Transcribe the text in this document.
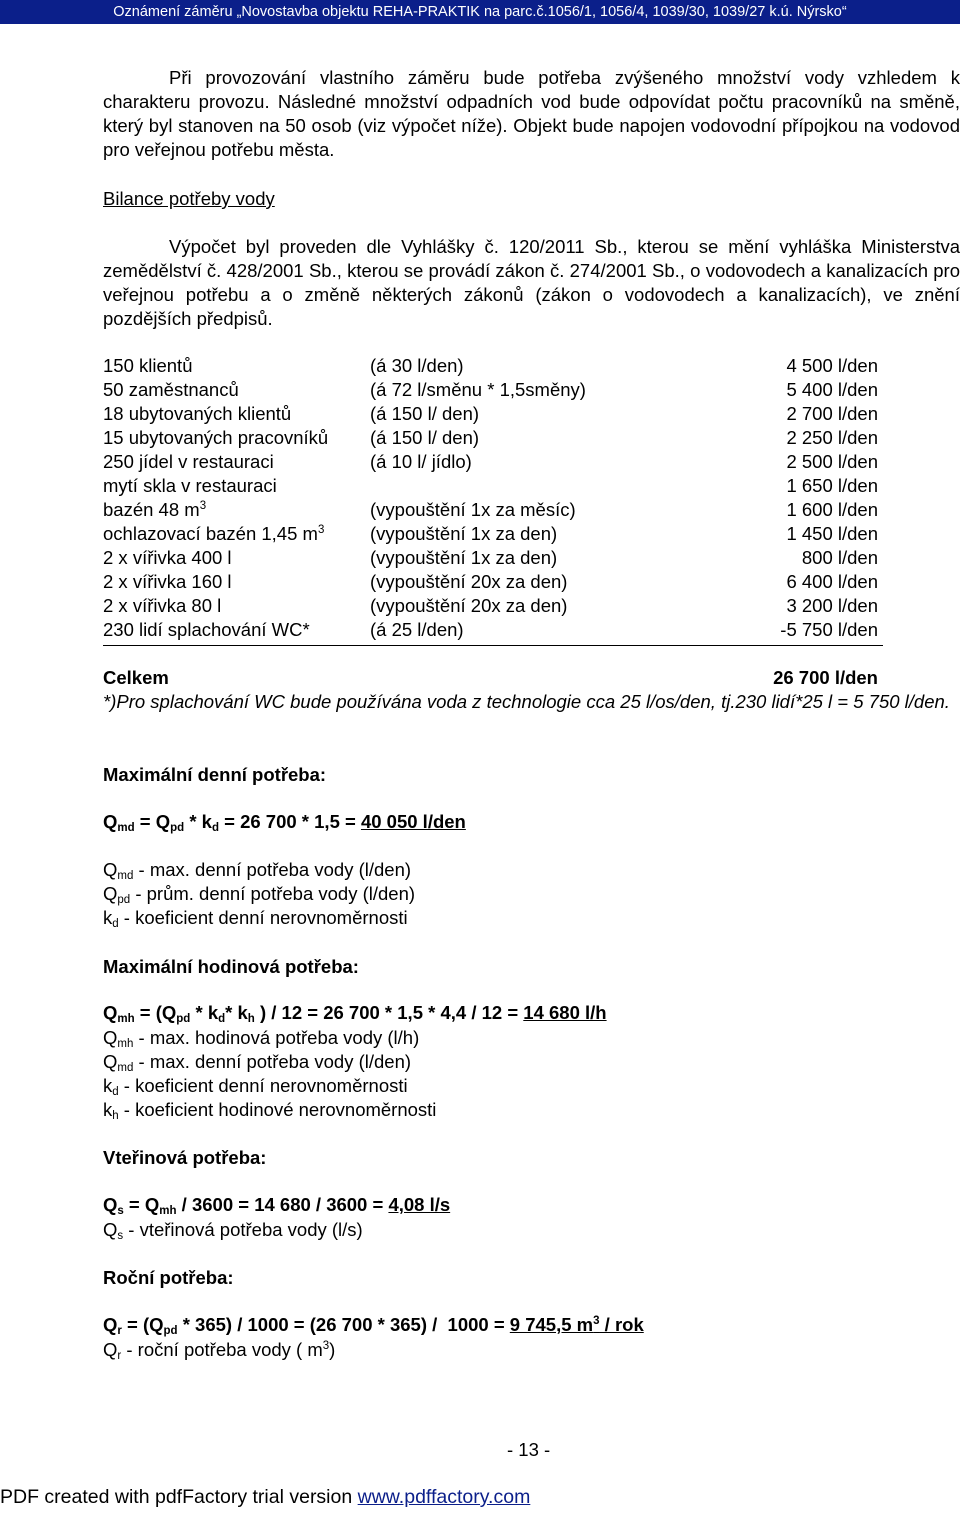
Oznámení záměru „Novostavba objektu REHA-PRAKTIK na parc.č.1056/1, 1056/4, 1039/30, 1039/27 k.ú. Nýrsko“
Při provozování vlastního záměru bude potřeba zvýšeného množství vody vzhledem k charakteru provozu. Následné množství odpadních vod bude odpovídat počtu pracovníků na směně, který byl stanoven na 50 osob (viz výpočet níže). Objekt bude napojen vodovodní přípojkou na vodovod pro veřejnou potřebu města.
Bilance potřeby vody
Výpočet byl proveden dle Vyhlášky č. 120/2011 Sb., kterou se mění vyhláška Ministerstva zemědělství č. 428/2001 Sb., kterou se provádí zákon č. 274/2001 Sb., o vodovodech a kanalizacích pro veřejnou potřebu a o změně některých zákonů (zákon o vodovodech a kanalizacích), ve znění pozdějších předpisů.
150 klientů	(á 30 l/den)	4 500 l/den
50 zaměstnanců	(á 72 l/směnu * 1,5směny)	5 400 l/den
18 ubytovaných klientů	(á 150 l/ den)	2 700 l/den
15 ubytovaných pracovníků (á 150 l/ den)	2 250 l/den
250 jídel v restauraci	(á 10 l/ jídlo)	2 500 l/den
mytí skla v restauraci	1 650 l/den
bazén 48 $m^3$	(vypouštění 1x za měsíc)	1 600 l/den
ochlazovací bazén 1,45 $m^3$ (vypouštění 1x za den)	1 450 l/den
2 x vířivka 400 l	(vypouštění 1x za den)	800 l/den
2 x vířivka 160 l	(vypouštění 20x za den)	6 400 l/den
2 x vířivka 80 l	(vypouštění 20x za den)	3 200 l/den
230 lidí splachování WC*	(á 25 l/den)	-5 750 l/den
Celkem	26 700 l/den
*)Pro splachování WC bude používána voda z technologie cca 25 l/os/den, tj.230 lidí*25 l = 5 750 l/den.
Maximální denní potřeba:
$Q_{md} = Q_{pd} * k_d = 26$ 700 * 1,5 = 40 050 l/den
$Q_{md}$ - max. denní potřeba vody (l/den)
$Q_{pd}$ - prům. denní potřeba vody (l/den)
$k_d$ - koeficient denní nerovnoměrnosti
Maximální hodinová potřeba:
$Q_{mh} = (Q_{pd} * k_d*$ $k_h$ ) / 12 = 26 700 * 1,5 * 4,4 / 12 = 14 680 l/h
$Q_{mh}$ - max. hodinová potřeba vody (l/h)
$Q_{md}$ - max. denní potřeba vody (l/den)
$k_d$ - koeficient denní nerovnoměrnosti
$k_h$ - koeficient hodinové nerovnoměrnosti
Vteřinová potřeba:
$Q_s = Q_{mh} / 3600 = 14$ 680 / 3600 = 4,08 l/s
$Q_s$ - vteřinová potřeba vody (l/s)
Roční potřeba:
$Q_r = (Q_{pd} * 365) / 1000 = (26$ 700 * 365) /  1000 = 9 745,5 $m^3$ / rok
$Q_r$ - roční potřeba vody ( $m^3$)
- 13 -
PDF created with pdfFactory trial version www.pdffactory.com
